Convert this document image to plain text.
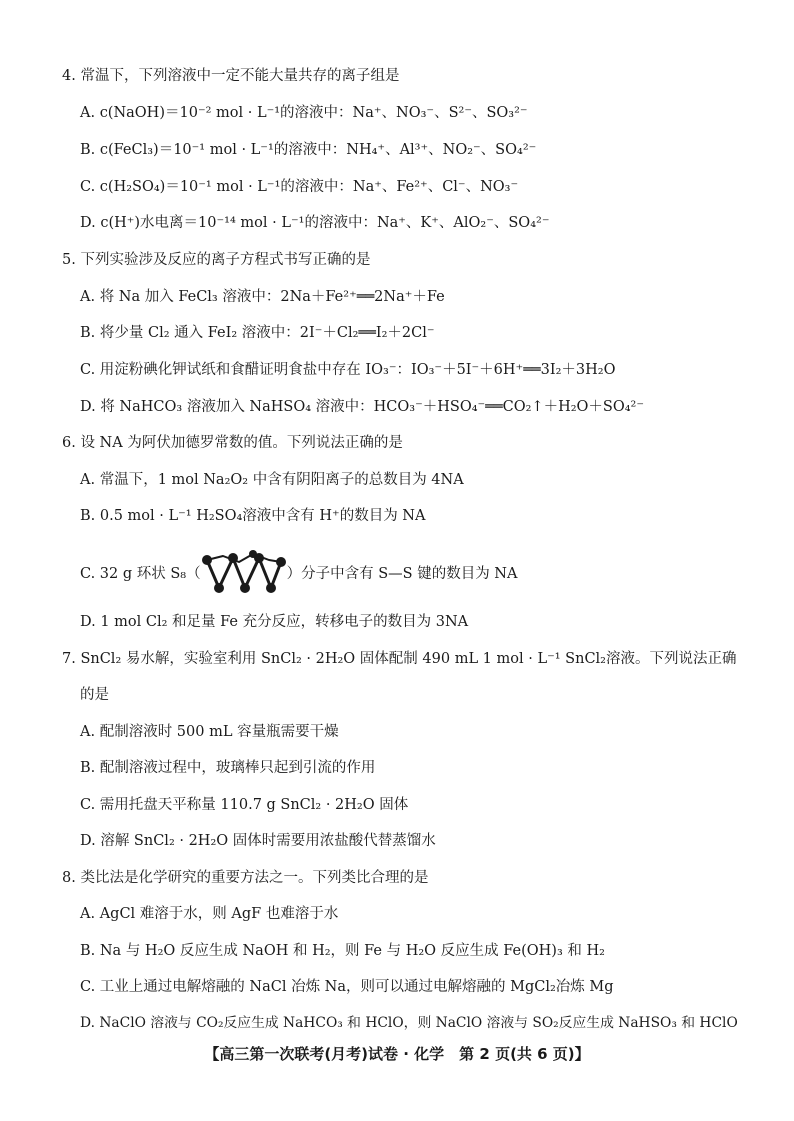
4. 常温下，下列溶液中一定不能大量共存的离子组是
A. c(NaOH)＝10⁻² mol · L⁻¹的溶液中：Na⁺、NO₃⁻、S²⁻、SO₃²⁻
B. c(FeCl₃)＝10⁻¹ mol · L⁻¹的溶液中：NH₄⁺、Al³⁺、NO₂⁻、SO₄²⁻
C. c(H₂SO₄)＝10⁻¹ mol · L⁻¹的溶液中：Na⁺、Fe²⁺、Cl⁻、NO₃⁻
D. c(H⁺)水电离＝10⁻¹⁴ mol · L⁻¹的溶液中：Na⁺、K⁺、AlO₂⁻、SO₄²⁻
5. 下列实验涉及反应的离子方程式书写正确的是
A. 将 Na 加入 FeCl₃ 溶液中：2Na＋Fe²⁺══2Na⁺＋Fe
B. 将少量 Cl₂ 通入 FeI₂ 溶液中：2I⁻＋Cl₂══I₂＋2Cl⁻
C. 用淀粉碘化钾试纸和食醋证明食盐中存在 IO₃⁻：IO₃⁻＋5I⁻＋6H⁺══3I₂＋3H₂O
D. 将 NaHCO₃ 溶液加入 NaHSO₄ 溶液中：HCO₃⁻＋HSO₄⁻══CO₂↑＋H₂O＋SO₄²⁻
6. 设 NA 为阿伏加德罗常数的值。下列说法正确的是
A. 常温下，1 mol Na₂O₂ 中含有阴阳离子的总数目为 4NA
B. 0.5 mol · L⁻¹ H₂SO₄溶液中含有 H⁺的数目为 NA
C. 32 g 环状 S₈（	）分子中含有 S—S 键的数目为 NA
D. 1 mol Cl₂ 和足量 Fe 充分反应，转移电子的数目为 3NA
7. SnCl₂ 易水解，实验室利用 SnCl₂ · 2H₂O 固体配制 490 mL 1 mol · L⁻¹ SnCl₂溶液。下列说法正确
的是
A. 配制溶液时 500 mL 容量瓶需要干燥
B. 配制溶液过程中，玻璃棒只起到引流的作用
C. 需用托盘天平称量 110.7 g SnCl₂ · 2H₂O 固体
D. 溶解 SnCl₂ · 2H₂O 固体时需要用浓盐酸代替蒸馏水
8. 类比法是化学研究的重要方法之一。下列类比合理的是
A. AgCl 难溶于水，则 AgF 也难溶于水
B. Na 与 H₂O 反应生成 NaOH 和 H₂，则 Fe 与 H₂O 反应生成 Fe(OH)₃ 和 H₂
C. 工业上通过电解熔融的 NaCl 冶炼 Na，则可以通过电解熔融的 MgCl₂冶炼 Mg
D. NaClO 溶液与 CO₂反应生成 NaHCO₃ 和 HClO，则 NaClO 溶液与 SO₂反应生成 NaHSO₃ 和 HClO
【高三第一次联考(月考)试卷 · 化学　第 2 页(共 6 页)】
